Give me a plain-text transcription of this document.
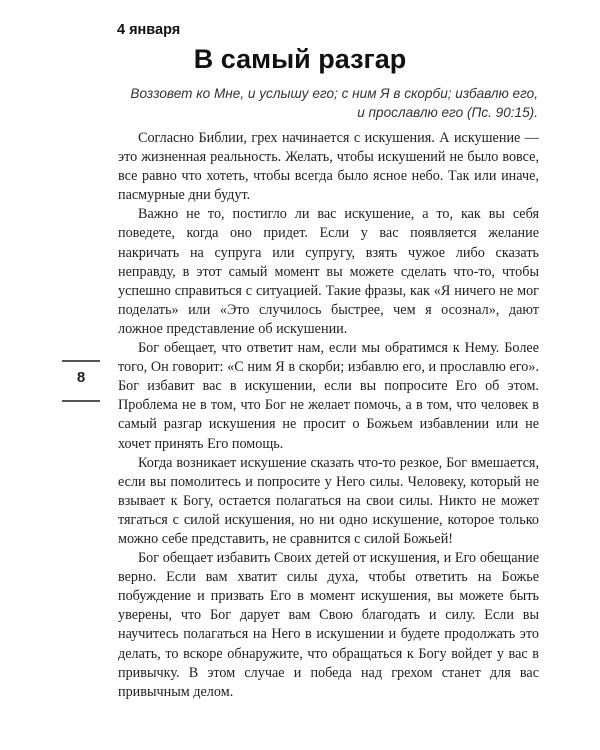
4 января
В самый разгар

Воззовет ко Мне, и услышу его; с ним Я в скорби; избавлю его,

и прославлю его (Пс. 90:15).

Согласно Библии, грех начинается с искушения. А искушение — это жизненная реальность. Желать, чтобы искушений не было вовсе, все равно что хотеть, чтобы всегда было ясное небо. Так или иначе, пасмурные дни будут.

Важно не то, постигло ли вас искушение, а то, как вы себя поведете, когда оно придет. Если у вас появляется желание накричать на супруга или супругу, взять чужое либо сказать неправду, в этот самый момент вы можете сделать что-то, чтобы успешно справиться с ситуацией. Такие фразы, как «Я ничего не мог поделать» или «Это случилось быстрее, чем я осознал», дают ложное представление об искушении.

Бог обещает, что ответит нам, если мы обратимся к Нему. Более того, Он говорит: «С ним Я в скорби; избавлю его, и прославлю его». Бог избавит вас в искушении, если вы попросите Его об этом. Проблема не в том, что Бог не желает помочь, а в том, что человек в самый разгар искушения не просит о Божьем избавлении или не хочет принять Его помощь.

Когда возникает искушение сказать что-то резкое, Бог вмешается, если вы помолитесь и попросите у Него силы. Человеку, который не взывает к Богу, остается полагаться на свои силы. Никто не может тягаться с силой искушения, но ни одно искушение, которое только можно себе представить, не сравнится с силой Божьей!

Бог обещает избавить Своих детей от искушения, и Его обещание верно. Если вам хватит силы духа, чтобы ответить на Божье побуждение и призвать Его в момент искушения, вы можете быть уверены, что Бог дарует вам Свою благодать и силу. Если вы научитесь полагаться на Него в искушении и будете продолжать это делать, то вскоре обнаружите, что обращаться к Богу войдет у вас в привычку. В этом случае и победа над грехом станет для вас привычным делом.

8
